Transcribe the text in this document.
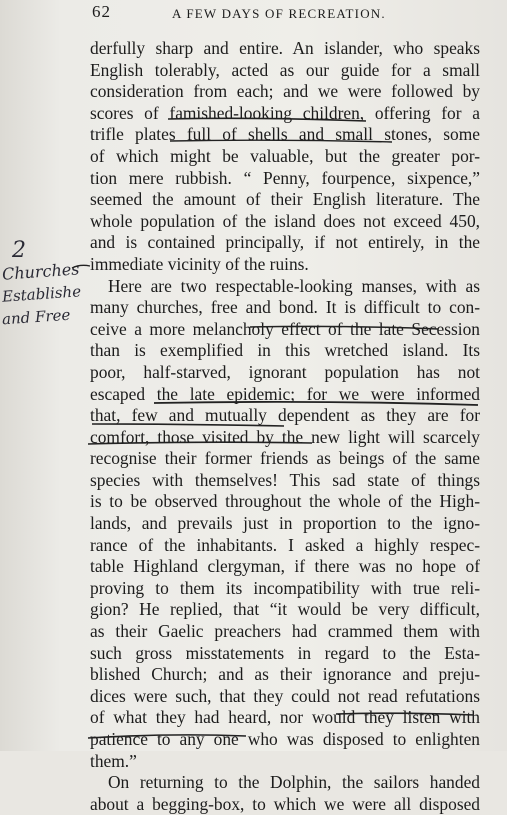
62	A FEW DAYS OF RECREATION.
2
Churches
Establishe
and Free
derfully sharp and entire. An islander, who speaks
English tolerably, acted as our guide for a small
consideration from each; and we were followed by
scores of famished-looking children, offering for a
trifle plates full of shells and small stones, some
of which might be valuable, but the greater por-
tion mere rubbish. “ Penny, fourpence, sixpence,”
seemed the amount of their English literature. The
whole population of the island does not exceed 450,
and is contained principally, if not entirely, in the
immediate vicinity of the ruins.
Here are two respectable-looking manses, with as
many churches, free and bond. It is difficult to con-
ceive a more melancholy effect of the late Secession
than is exemplified in this wretched island. Its
poor, half-starved, ignorant population has not
escaped the late epidemic; for we were informed
that, few and mutually dependent as they are for
comfort, those visited by the new light will scarcely
recognise their former friends as beings of the same
species with themselves! This sad state of things
is to be observed throughout the whole of the High-
lands, and prevails just in proportion to the igno-
rance of the inhabitants. I asked a highly respec-
table Highland clergyman, if there was no hope of
proving to them its incompatibility with true reli-
gion? He replied, that “it would be very difficult,
as their Gaelic preachers had crammed them with
such gross misstatements in regard to the Esta-
blished Church; and as their ignorance and preju-
dices were such, that they could not read refutations
of what they had heard, nor would they listen with
patience to any one who was disposed to enlighten
them.”
On returning to the Dolphin, the sailors handed
about a begging-box, to which we were all disposed
